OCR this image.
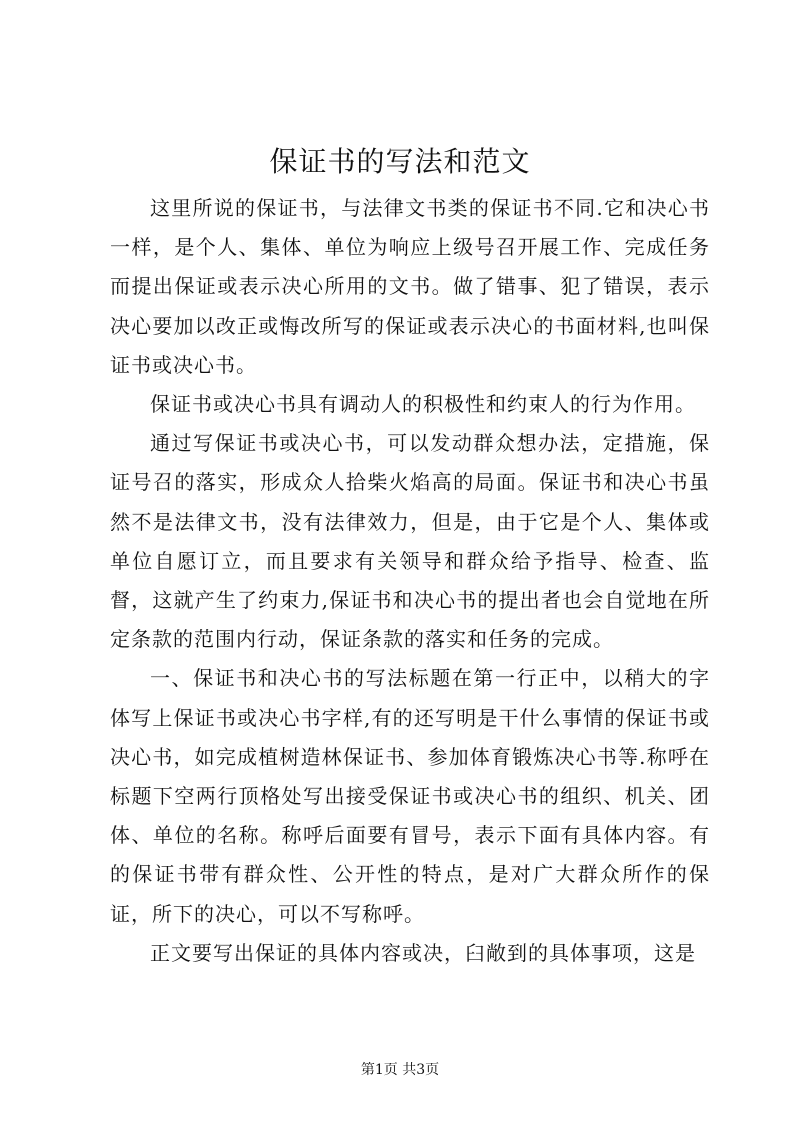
保证书的写法和范文

这里所说的保证书，与法律文书类的保证书不同.它和决心书一样，是个人、集体、单位为响应上级号召开展工作、完成任务而提出保证或表示决心所用的文书。做了错事、犯了错误，表示决心要加以改正或悔改所写的保证或表示决心的书面材料,也叫保证书或决心书。

保证书或决心书具有调动人的积极性和约束人的行为作用。

通过写保证书或决心书，可以发动群众想办法，定措施，保证号召的落实，形成众人拾柴火焰高的局面。保证书和决心书虽然不是法律文书，没有法律效力，但是，由于它是个人、集体或单位自愿订立，而且要求有关领导和群众给予指导、检查、监督，这就产生了约束力,保证书和决心书的提出者也会自觉地在所定条款的范围内行动，保证条款的落实和任务的完成。

一、保证书和决心书的写法标题在第一行正中，以稍大的字体写上保证书或决心书字样,有的还写明是干什么事情的保证书或决心书，如完成植树造林保证书、参加体育锻炼决心书等.称呼在标题下空两行顶格处写出接受保证书或决心书的组织、机关、团体、单位的名称。称呼后面要有冒号，表示下面有具体内容。有的保证书带有群众性、公开性的特点，是对广大群众所作的保证，所下的决心，可以不写称呼。

正文要写出保证的具体内容或决，臼敞到的具体事项，这是

第1页 共3页
